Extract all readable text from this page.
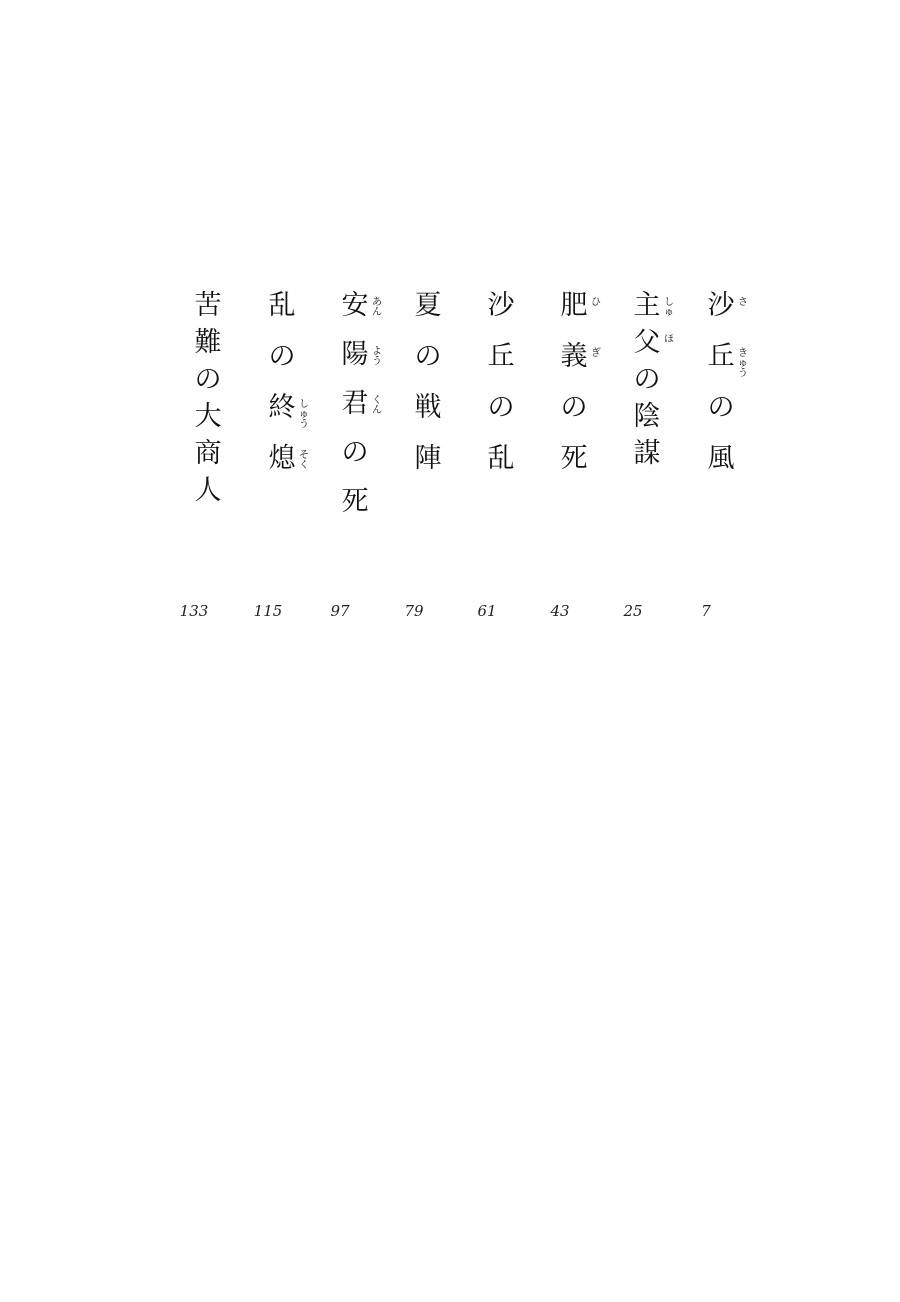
沙
丘
の
風
さ
き
ゅ
う
7
主
父
の
陰
謀
し
ゅ
ほ
25
肥
義
の
死
ひ
ぎ
43
沙
丘
の
乱
61
夏
の
戦
陣
79
安
陽
君
の
死
あ
ん
よ
う
く
ん
97
乱
の
終
熄
し
ゅ
う
そ
く
115
苦
難
の
大
商
人
133
